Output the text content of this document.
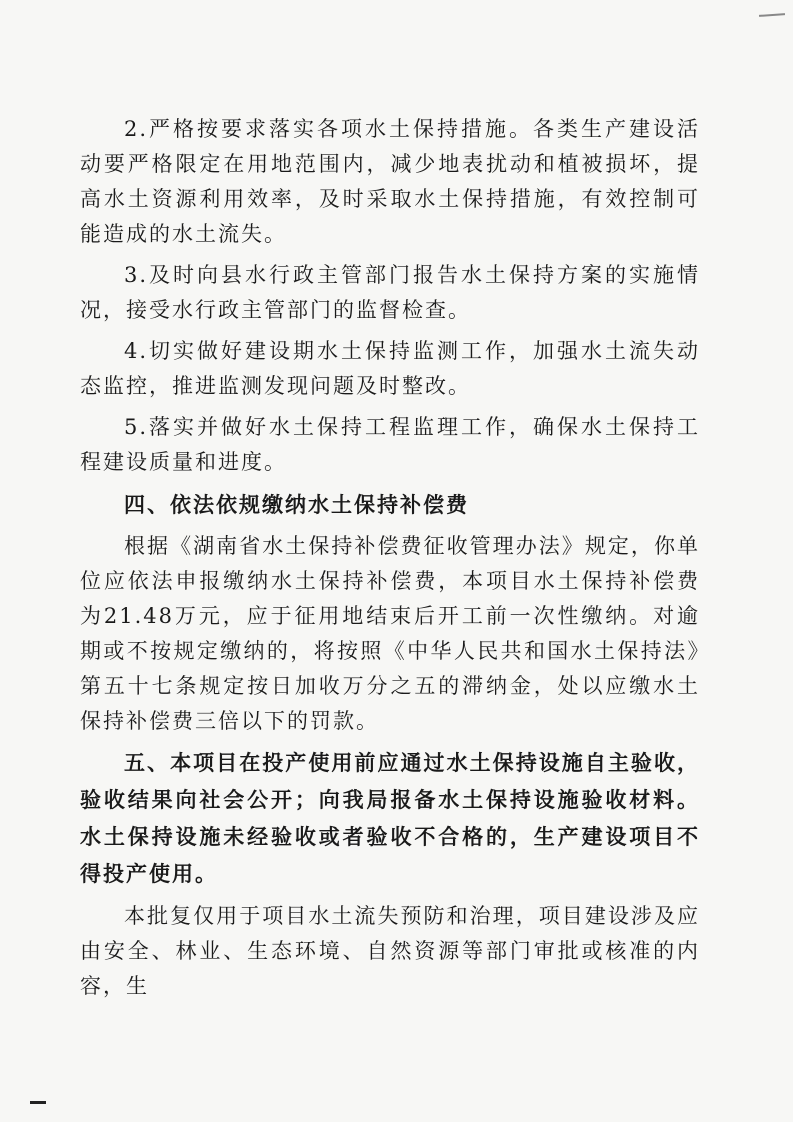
2.严格按要求落实各项水土保持措施。各类生产建设活动要严格限定在用地范围内，减少地表扰动和植被损坏，提高水土资源利用效率，及时采取水土保持措施，有效控制可能造成的水土流失。

3.及时向县水行政主管部门报告水土保持方案的实施情况，接受水行政主管部门的监督检查。

4.切实做好建设期水土保持监测工作，加强水土流失动态监控，推进监测发现问题及时整改。

5.落实并做好水土保持工程监理工作，确保水土保持工程建设质量和进度。

四、依法依规缴纳水土保持补偿费

根据《湖南省水土保持补偿费征收管理办法》规定，你单位应依法申报缴纳水土保持补偿费，本项目水土保持补偿费为21.48万元，应于征用地结束后开工前一次性缴纳。对逾期或不按规定缴纳的，将按照《中华人民共和国水土保持法》第五十七条规定按日加收万分之五的滞纳金，处以应缴水土保持补偿费三倍以下的罚款。

五、本项目在投产使用前应通过水土保持设施自主验收，验收结果向社会公开；向我局报备水土保持设施验收材料。水土保持设施未经验收或者验收不合格的，生产建设项目不得投产使用。

本批复仅用于项目水土流失预防和治理，项目建设涉及应由安全、林业、生态环境、自然资源等部门审批或核准的内容，生
